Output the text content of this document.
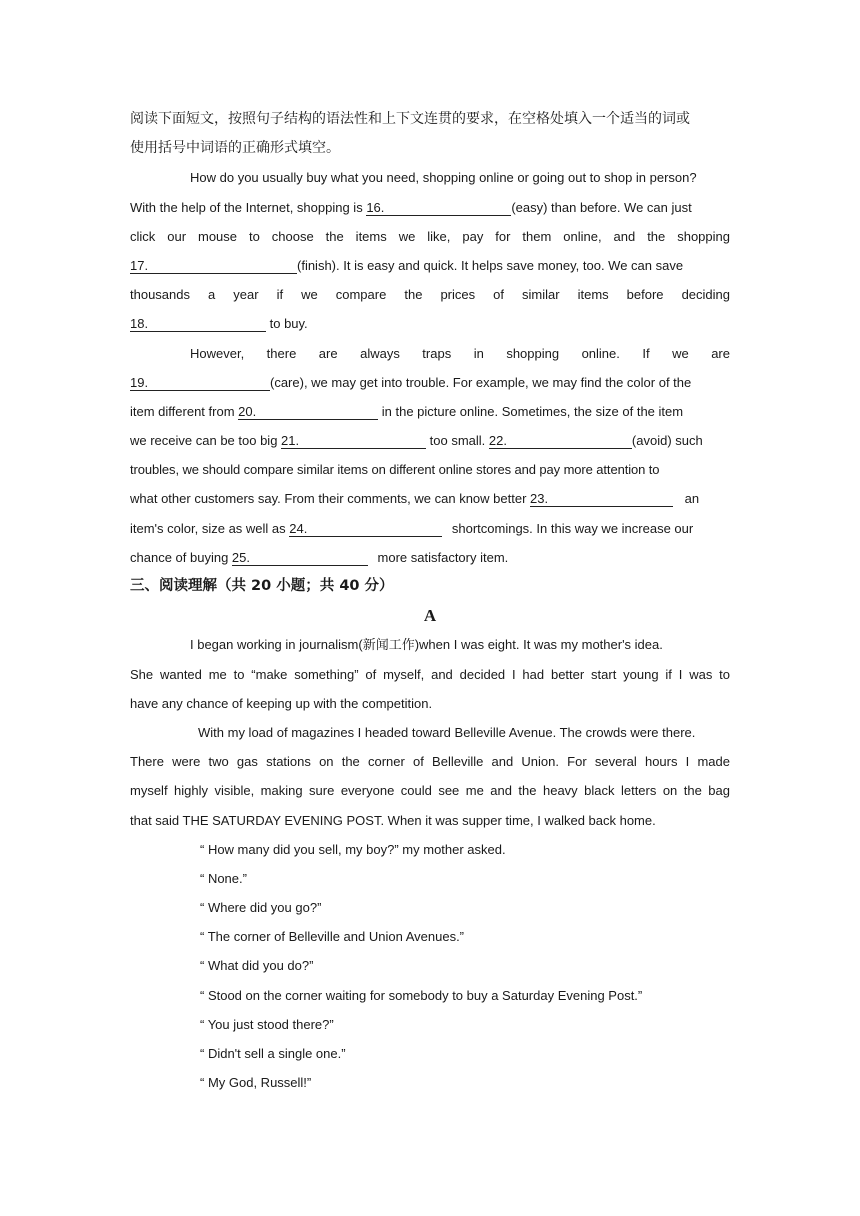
阅读下面短文，按照句子结构的语法性和上下文连贯的要求，在空格处填入一个适当的词或
使用括号中词语的正确形式填空。
How do you usually buy what you need, shopping online or going out to shop in person?
With the help of the Internet, shopping is 16.	(easy) than before. We can just
click our mouse to choose the items we like, pay for them online, and the shopping
17.	(finish). It is easy and quick. It helps save money, too. We can save
thousands a year if we compare the prices of similar items before deciding
18.	to buy.
However, there are always traps in shopping online. If we are
19.	(care), we may get into trouble. For example, we may find the color of the
item different from 20.	in the picture online. Sometimes, the size of the item
we receive can be too big 21.	too small. 22.	(avoid) such
troubles, we should compare similar items on different online stores and pay more attention to
what other customers say. From their comments, we can know better 23.	an
item's color, size as well as 24.	shortcomings. In this way we increase our
chance of buying 25.	more satisfactory item.
三、阅读理解（共 20 小题；共 40 分）
A
I began working in journalism(新闻工作)when I was eight. It was my mother's idea.
She wanted me to “make something” of myself, and decided I had better start young if I was to
have any chance of keeping up with the competition.
With my load of magazines I headed toward Belleville Avenue. The crowds were there.
There were two gas stations on the corner of Belleville and Union. For several hours I made
myself highly visible, making sure everyone could see me and the heavy black letters on the bag
that said THE SATURDAY EVENING POST. When it was supper time, I walked back home.
“ How many did you sell, my boy?” my mother asked.
“ None.”
“ Where did you go?”
“ The corner of Belleville and Union Avenues.”
“ What did you do?”
“ Stood on the corner waiting for somebody to buy a Saturday Evening Post.”
“ You just stood there?”
“ Didn't sell a single one.”
“ My God, Russell!”
